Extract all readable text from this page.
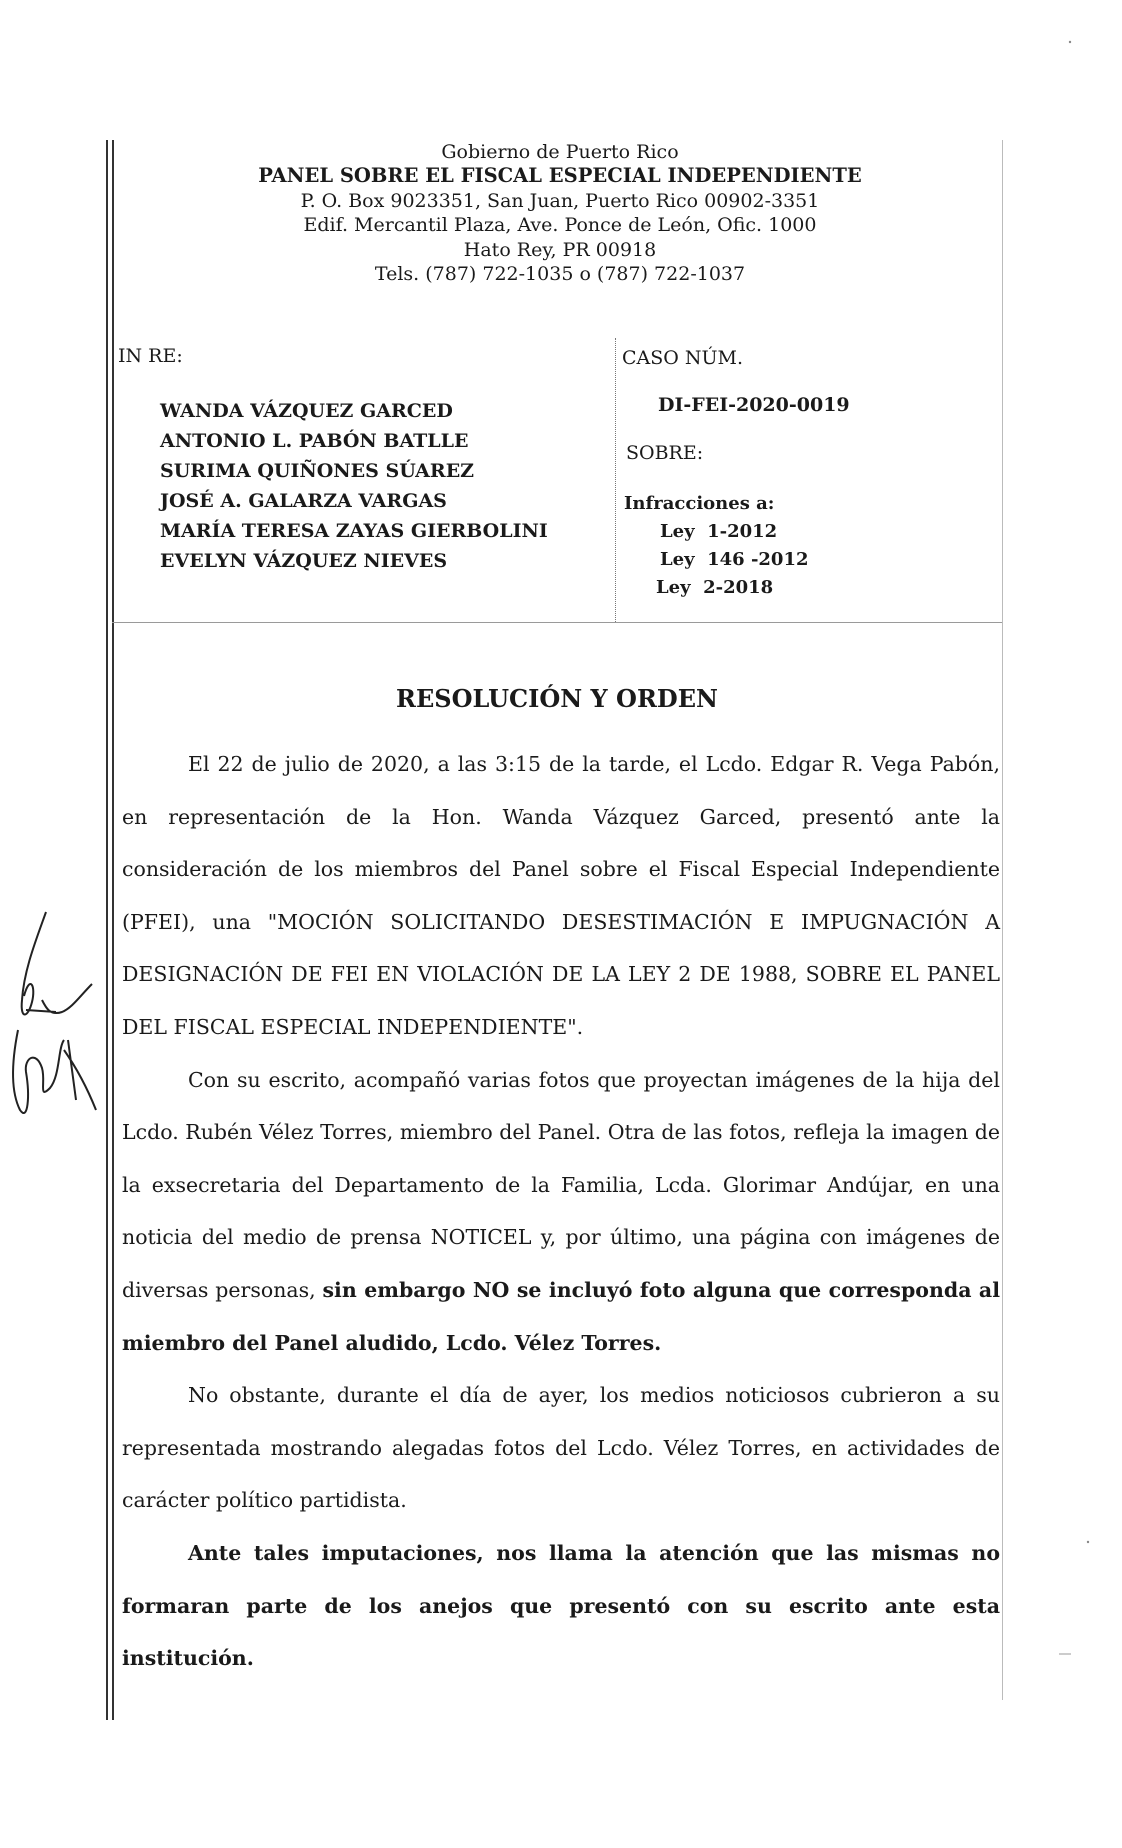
Gobierno de Puerto Rico
PANEL SOBRE EL FISCAL ESPECIAL INDEPENDIENTE
P. O. Box 9023351, San Juan, Puerto Rico 00902-3351
Edif. Mercantil Plaza, Ave. Ponce de León, Ofic. 1000
Hato Rey, PR 00918
Tels. (787) 722-1035 o (787) 722-1037
IN RE:
WANDA VÁZQUEZ GARCED
ANTONIO L. PABÓN BATLLE
SURIMA QUIÑONES SÚAREZ
JOSÉ A. GALARZA VARGAS
MARÍA TERESA ZAYAS GIERBOLINI
EVELYN VÁZQUEZ NIEVES
CASO NÚM.
DI-FEI-2020-0019
SOBRE:
Infracciones a:
Ley  1-2012
Ley  146 -2012
Ley  2-2018
RESOLUCIÓN Y ORDEN

El 22 de julio de 2020, a las 3:15 de la tarde, el Lcdo. Edgar R. Vega Pabón, en representación de la Hon. Wanda Vázquez Garced, presentó ante la consideración de los miembros del Panel sobre el Fiscal Especial Independiente (PFEI), una "MOCIÓN SOLICITANDO DESESTIMACIÓN E IMPUGNACIÓN A DESIGNACIÓN DE FEI EN VIOLACIÓN DE LA LEY 2 DE 1988, SOBRE EL PANEL DEL FISCAL ESPECIAL INDEPENDIENTE".

Con su escrito, acompañó varias fotos que proyectan imágenes de la hija del Lcdo. Rubén Vélez Torres, miembro del Panel. Otra de las fotos, refleja la imagen de la exsecretaria del Departamento de la Familia, Lcda. Glorimar Andújar, en una noticia del medio de prensa NOTICEL y, por último, una página con imágenes de diversas personas, sin embargo NO se incluyó foto alguna que corresponda al miembro del Panel aludido, Lcdo. Vélez Torres.

No obstante, durante el día de ayer, los medios noticiosos cubrieron a su representada mostrando alegadas fotos del Lcdo. Vélez Torres, en actividades de carácter político partidista.

Ante tales imputaciones, nos llama la atención que las mismas no formaran parte de los anejos que presentó con su escrito ante esta institución.
